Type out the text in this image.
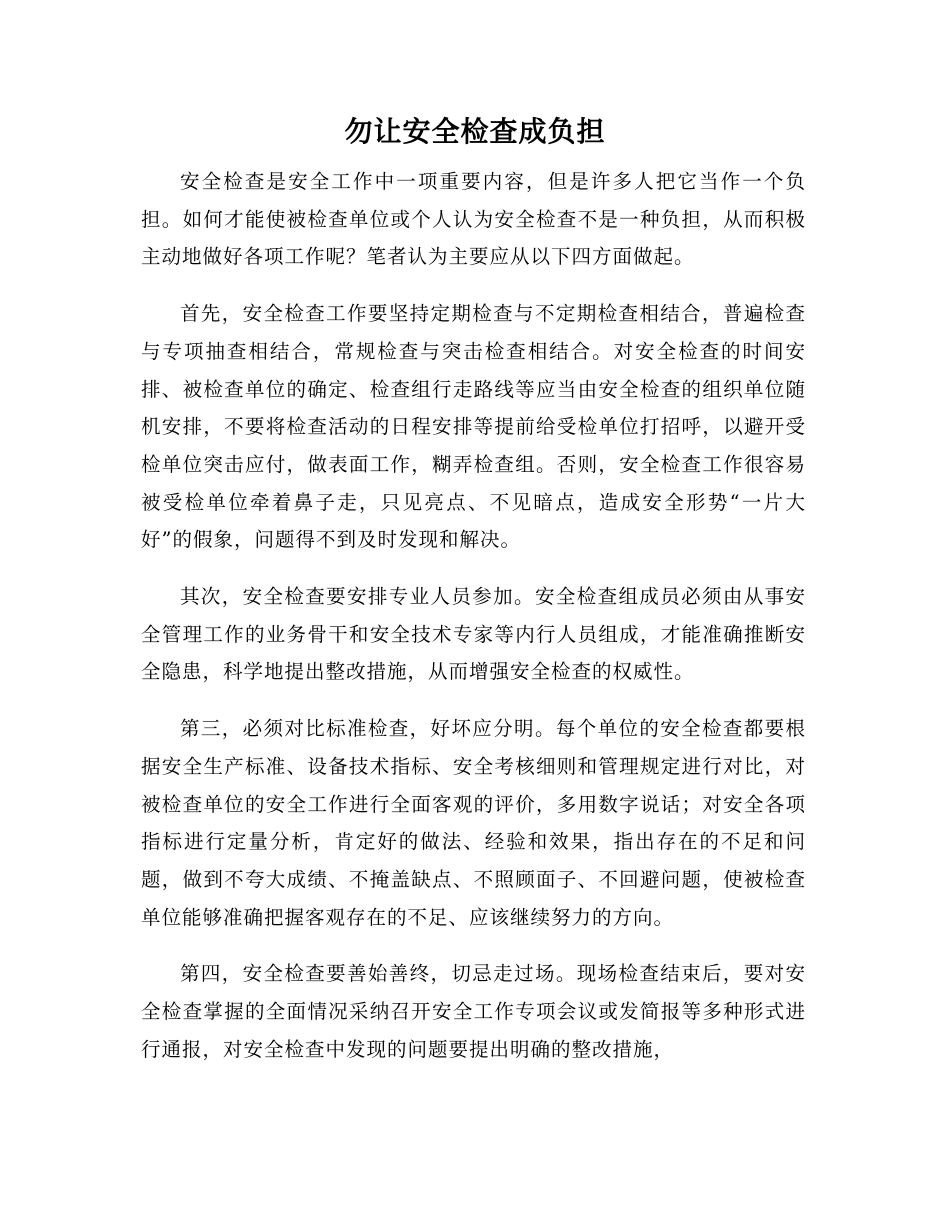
勿让安全检查成负担

安全检查是安全工作中一项重要内容，但是许多人把它当作一个负担。如何才能使被检查单位或个人认为安全检查不是一种负担，从而积极主动地做好各项工作呢？笔者认为主要应从以下四方面做起。

首先，安全检查工作要坚持定期检查与不定期检查相结合，普遍检查与专项抽查相结合，常规检查与突击检查相结合。对安全检查的时间安排、被检查单位的确定、检查组行走路线等应当由安全检查的组织单位随机安排，不要将检查活动的日程安排等提前给受检单位打招呼，以避开受检单位突击应付，做表面工作，糊弄检查组。否则，安全检查工作很容易被受检单位牵着鼻子走，只见亮点、不见暗点，造成安全形势“一片大好”的假象，问题得不到及时发现和解决。

其次，安全检查要安排专业人员参加。安全检查组成员必须由从事安全管理工作的业务骨干和安全技术专家等内行人员组成，才能准确推断安全隐患，科学地提出整改措施，从而增强安全检查的权威性。

第三，必须对比标准检查，好坏应分明。每个单位的安全检查都要根据安全生产标准、设备技术指标、安全考核细则和管理规定进行对比，对被检查单位的安全工作进行全面客观的评价，多用数字说话；对安全各项指标进行定量分析，肯定好的做法、经验和效果，指出存在的不足和问题，做到不夸大成绩、不掩盖缺点、不照顾面子、不回避问题，使被检查单位能够准确把握客观存在的不足、应该继续努力的方向。

第四，安全检查要善始善终，切忌走过场。现场检查结束后，要对安全检查掌握的全面情况采纳召开安全工作专项会议或发简报等多种形式进行通报，对安全检查中发现的问题要提出明确的整改措施，
